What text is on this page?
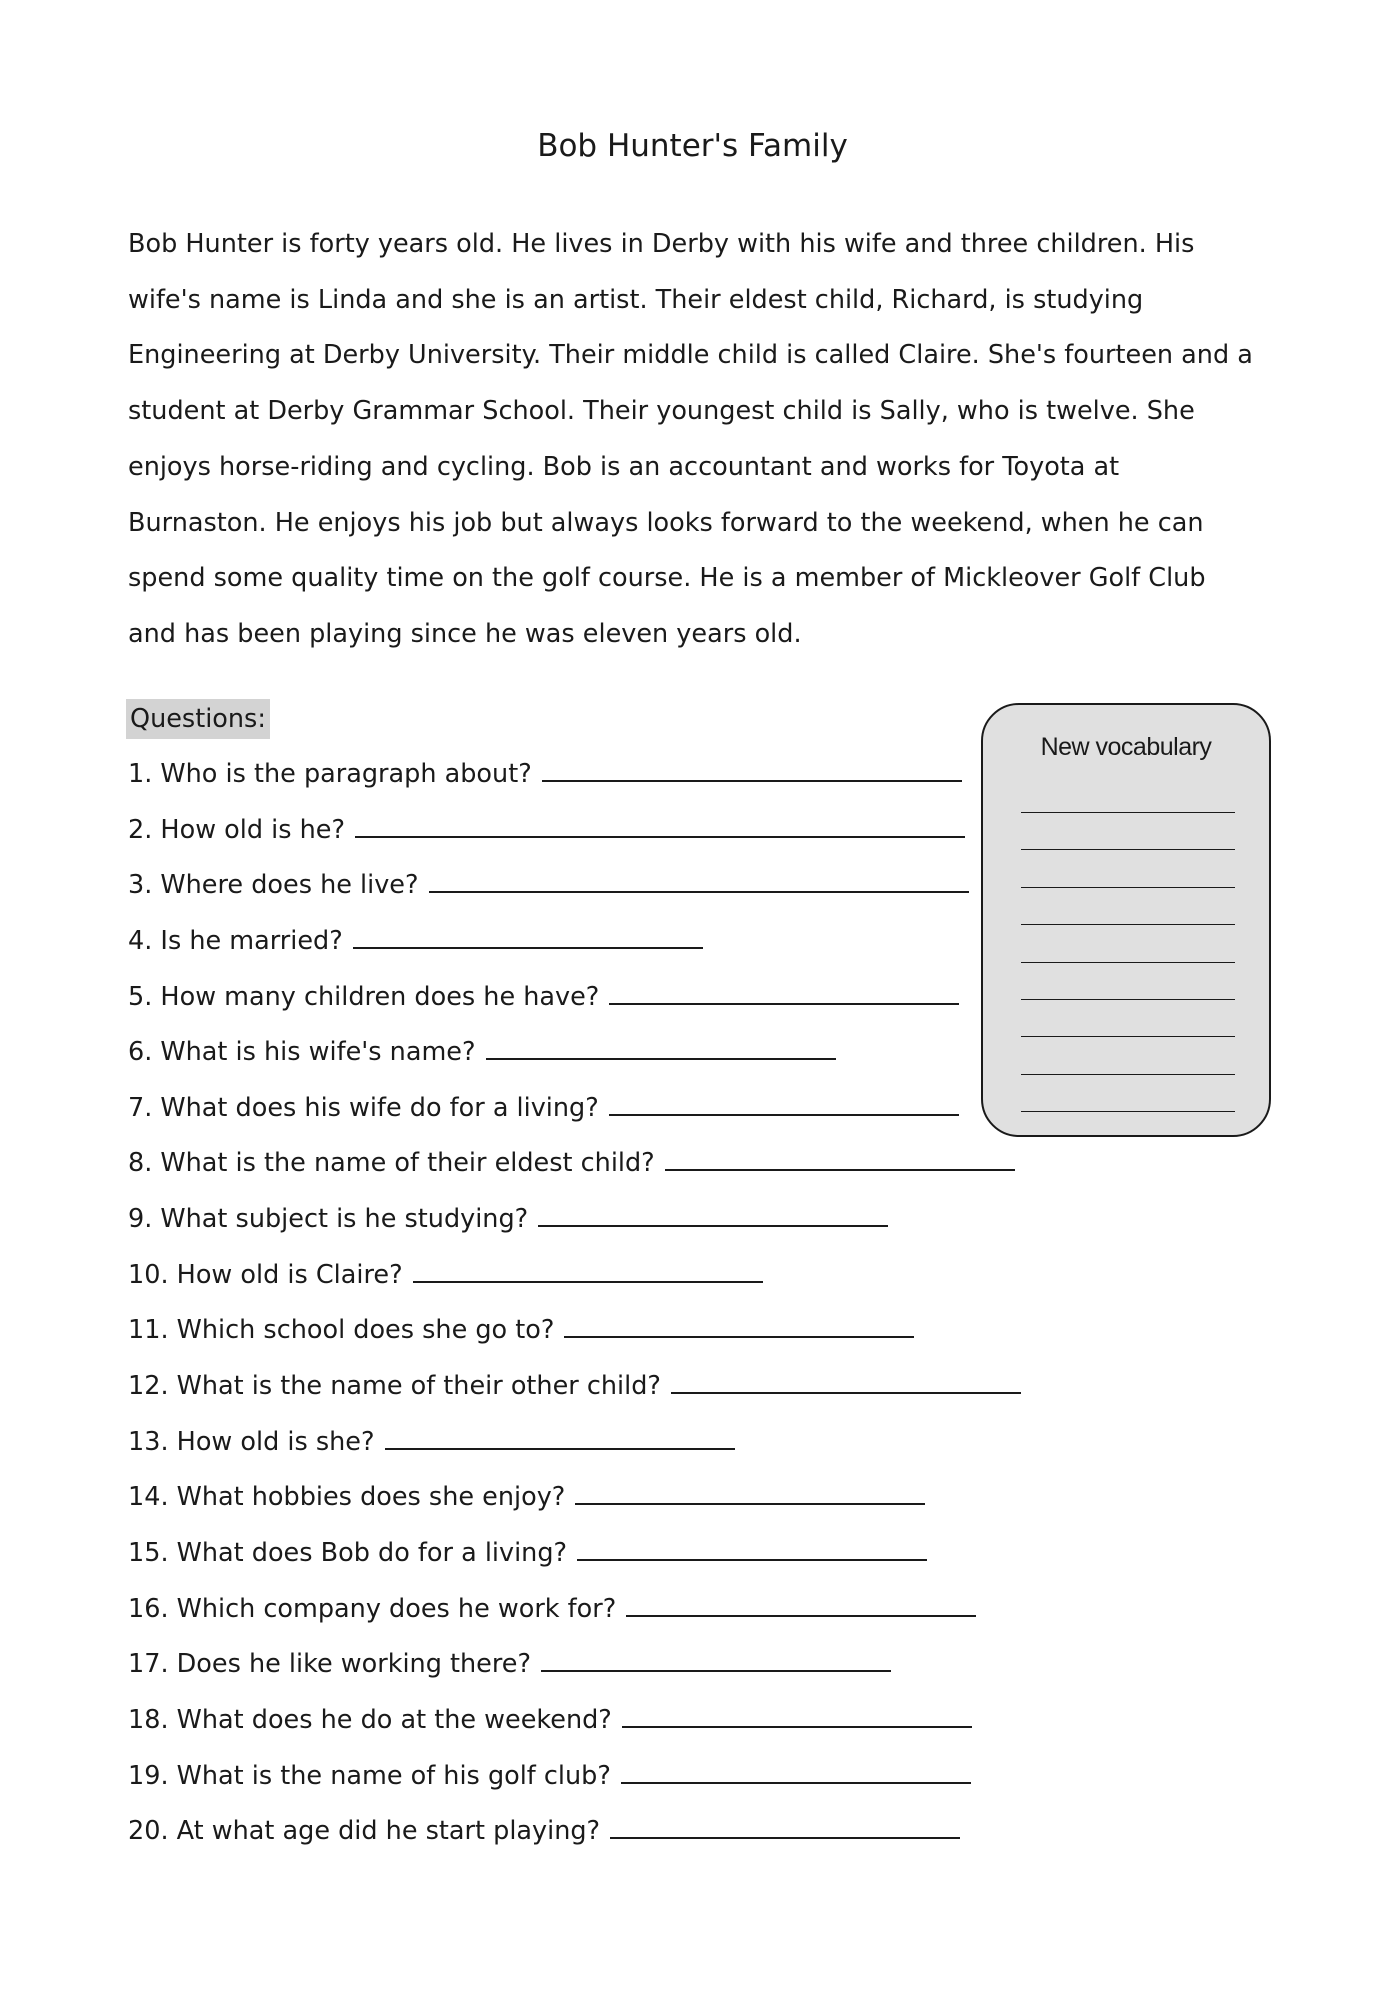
Bob Hunter's Family

Bob Hunter is forty years old. He lives in Derby with his wife and three children. His
wife's name is Linda and she is an artist. Their eldest child, Richard, is studying
Engineering at Derby University. Their middle child is called Claire. She's fourteen and a
student at Derby Grammar School. Their youngest child is Sally, who is twelve. She
enjoys horse-riding and cycling. Bob is an accountant and works for Toyota at
Burnaston. He enjoys his job but always looks forward to the weekend, when he can
spend some quality time on the golf course. He is a member of Mickleover Golf Club
and has been playing since he was eleven years old.

Questions:
1. Who is the paragraph about?
2. How old is he?
3. Where does he live?
4. Is he married?
5. How many children does he have?
6. What is his wife's name?
7. What does his wife do for a living?
8. What is the name of their eldest child?
9. What subject is he studying?
10. How old is Claire?
11. Which school does she go to?
12. What is the name of their other child?
13. How old is she?
14. What hobbies does she enjoy?
15. What does Bob do for a living?
16. Which company does he work for?
17. Does he like working there?
18. What does he do at the weekend?
19. What is the name of his golf club?
20. At what age did he start playing?
New vocabulary
